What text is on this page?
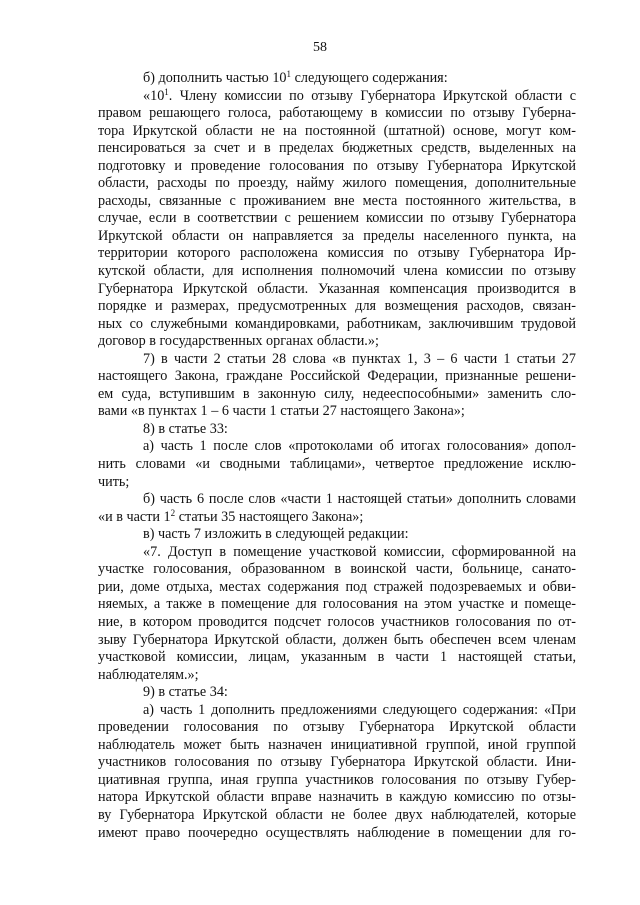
58
б) дополнить частью $10^1$ следующего содержания:
«$10^1$. Члену комиссии по отзыву Губернатора Иркутской области с
правом решающего голоса, работающему в комиссии по отзыву Губерна-
тора Иркутской области не на постоянной (штатной) основе, могут ком-
пенсироваться за счет и в пределах бюджетных средств, выделенных на
подготовку и проведение голосования по отзыву Губернатора Иркутской
области, расходы по проезду, найму жилого помещения, дополнительные
расходы, связанные с проживанием вне места постоянного жительства, в
случае, если в соответствии с решением комиссии по отзыву Губернатора
Иркутской области он направляется за пределы населенного пункта, на
территории которого расположена комиссия по отзыву Губернатора Ир-
кутской области, для исполнения полномочий члена комиссии по отзыву
Губернатора Иркутской области. Указанная компенсация производится в
порядке и размерах, предусмотренных для возмещения расходов, связан-
ных со служебными командировками, работникам, заключившим трудовой
договор в государственных органах области.»;
7) в части 2 статьи 28 слова «в пунктах 1, 3 – 6 части 1 статьи 27
настоящего Закона, граждане Российской Федерации, признанные решени-
ем суда, вступившим в законную силу, недееспособными» заменить сло-
вами «в пунктах 1 – 6 части 1 статьи 27 настоящего Закона»;
8) в статье 33:
а) часть 1 после слов «протоколами об итогах голосования» допол-
нить словами «и сводными таблицами», четвертое предложение исклю-
чить;
б) часть 6 после слов «части 1 настоящей статьи» дополнить словами
«и в части $1^2$ статьи 35 настоящего Закона»;
в) часть 7 изложить в следующей редакции:
«7. Доступ в помещение участковой комиссии, сформированной на
участке голосования, образованном в воинской части, больнице, санато-
рии, доме отдыха, местах содержания под стражей подозреваемых и обви-
няемых, а также в помещение для голосования на этом участке и помеще-
ние, в котором проводится подсчет голосов участников голосования по от-
зыву Губернатора Иркутской области, должен быть обеспечен всем членам
участковой комиссии, лицам, указанным в части 1 настоящей статьи,
наблюдателям.»;
9) в статье 34:
а) часть 1 дополнить предложениями следующего содержания: «При
проведении голосования по отзыву Губернатора Иркутской области
наблюдатель может быть назначен инициативной группой, иной группой
участников голосования по отзыву Губернатора Иркутской области. Ини-
циативная группа, иная группа участников голосования по отзыву Губер-
натора Иркутской области вправе назначить в каждую комиссию по отзы-
ву Губернатора Иркутской области не более двух наблюдателей, которые
имеют право поочередно осуществлять наблюдение в помещении для го-
